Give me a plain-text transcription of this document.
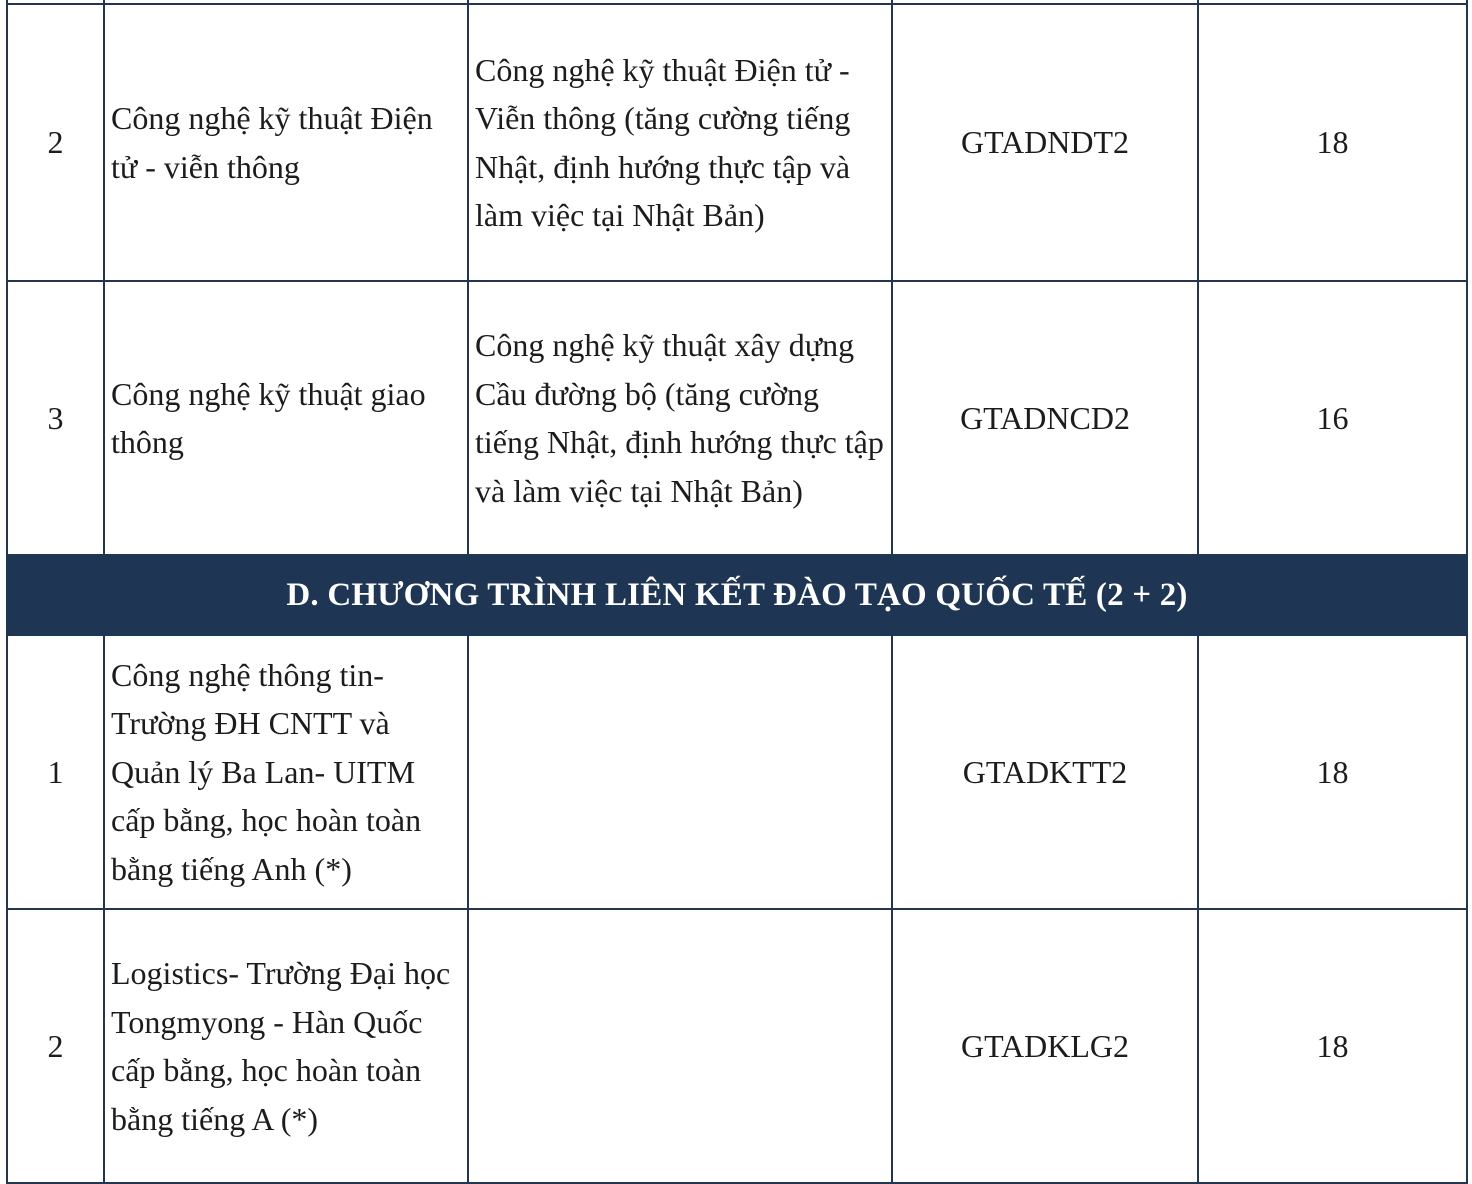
2	Công nghệ kỹ thuật Điện tử - viễn thông	Công nghệ kỹ thuật Điện tử - Viễn thông (tăng cường tiếng Nhật, định hướng thực tập và làm việc tại Nhật Bản)	GTADNDT2	18
3	Công nghệ kỹ thuật giao thông	Công nghệ kỹ thuật xây dựng Cầu đường bộ (tăng cường tiếng Nhật, định hướng thực tập và làm việc tại Nhật Bản)	GTADNCD2	16
D. CHƯƠNG TRÌNH LIÊN KẾT ĐÀO TẠO QUỐC TẾ (2 + 2)				
1	Công nghệ thông tin- Trường ĐH CNTT và Quản lý Ba Lan- UITM cấp bằng, học hoàn toàn bằng tiếng Anh (*)		GTADKTT2	18
2	Logistics- Trường Đại học Tongmyong - Hàn Quốc cấp bằng, học hoàn toàn bằng tiếng A (*)		GTADKLG2	18
